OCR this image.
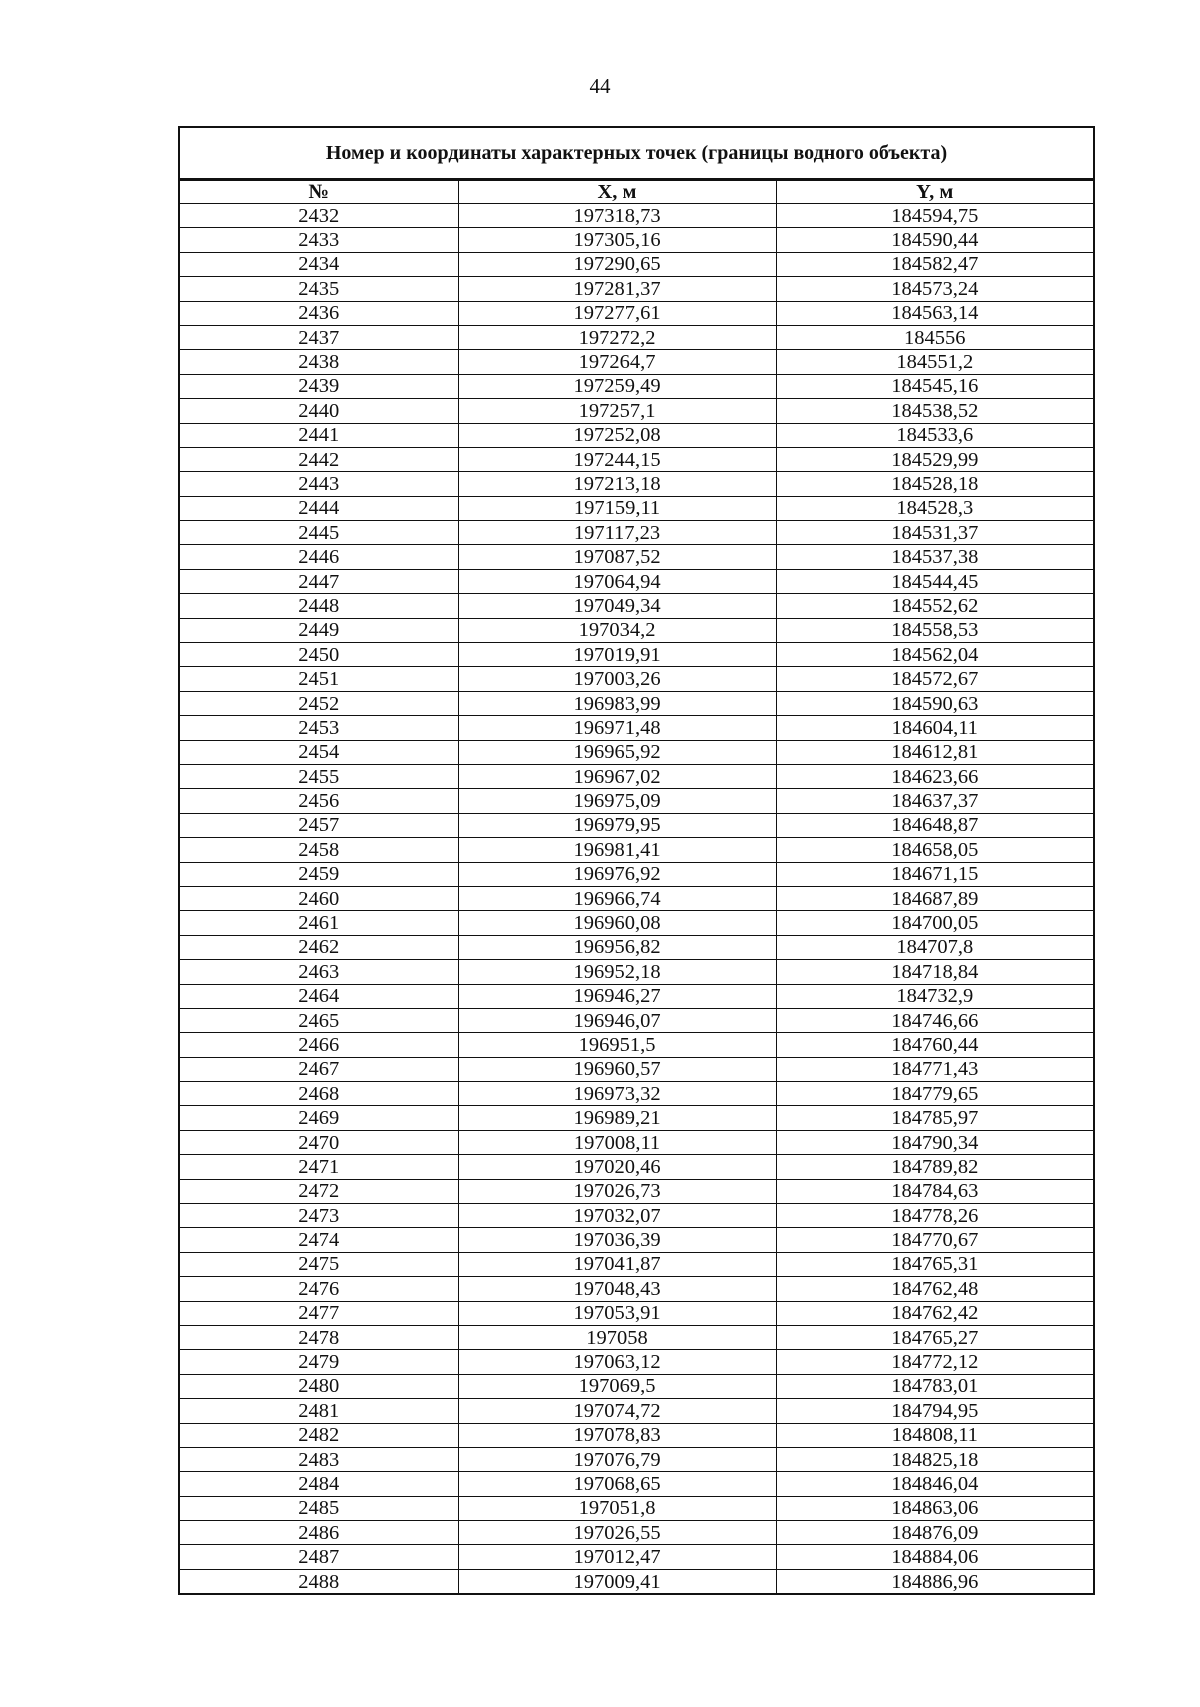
44
Номер и координаты характерных точек (границы водного объекта)
№	X, м	Y, м
2432	197318,73	184594,75
2433	197305,16	184590,44
2434	197290,65	184582,47
2435	197281,37	184573,24
2436	197277,61	184563,14
2437	197272,2	184556
2438	197264,7	184551,2
2439	197259,49	184545,16
2440	197257,1	184538,52
2441	197252,08	184533,6
2442	197244,15	184529,99
2443	197213,18	184528,18
2444	197159,11	184528,3
2445	197117,23	184531,37
2446	197087,52	184537,38
2447	197064,94	184544,45
2448	197049,34	184552,62
2449	197034,2	184558,53
2450	197019,91	184562,04
2451	197003,26	184572,67
2452	196983,99	184590,63
2453	196971,48	184604,11
2454	196965,92	184612,81
2455	196967,02	184623,66
2456	196975,09	184637,37
2457	196979,95	184648,87
2458	196981,41	184658,05
2459	196976,92	184671,15
2460	196966,74	184687,89
2461	196960,08	184700,05
2462	196956,82	184707,8
2463	196952,18	184718,84
2464	196946,27	184732,9
2465	196946,07	184746,66
2466	196951,5	184760,44
2467	196960,57	184771,43
2468	196973,32	184779,65
2469	196989,21	184785,97
2470	197008,11	184790,34
2471	197020,46	184789,82
2472	197026,73	184784,63
2473	197032,07	184778,26
2474	197036,39	184770,67
2475	197041,87	184765,31
2476	197048,43	184762,48
2477	197053,91	184762,42
2478	197058	184765,27
2479	197063,12	184772,12
2480	197069,5	184783,01
2481	197074,72	184794,95
2482	197078,83	184808,11
2483	197076,79	184825,18
2484	197068,65	184846,04
2485	197051,8	184863,06
2486	197026,55	184876,09
2487	197012,47	184884,06
2488	197009,41	184886,96
